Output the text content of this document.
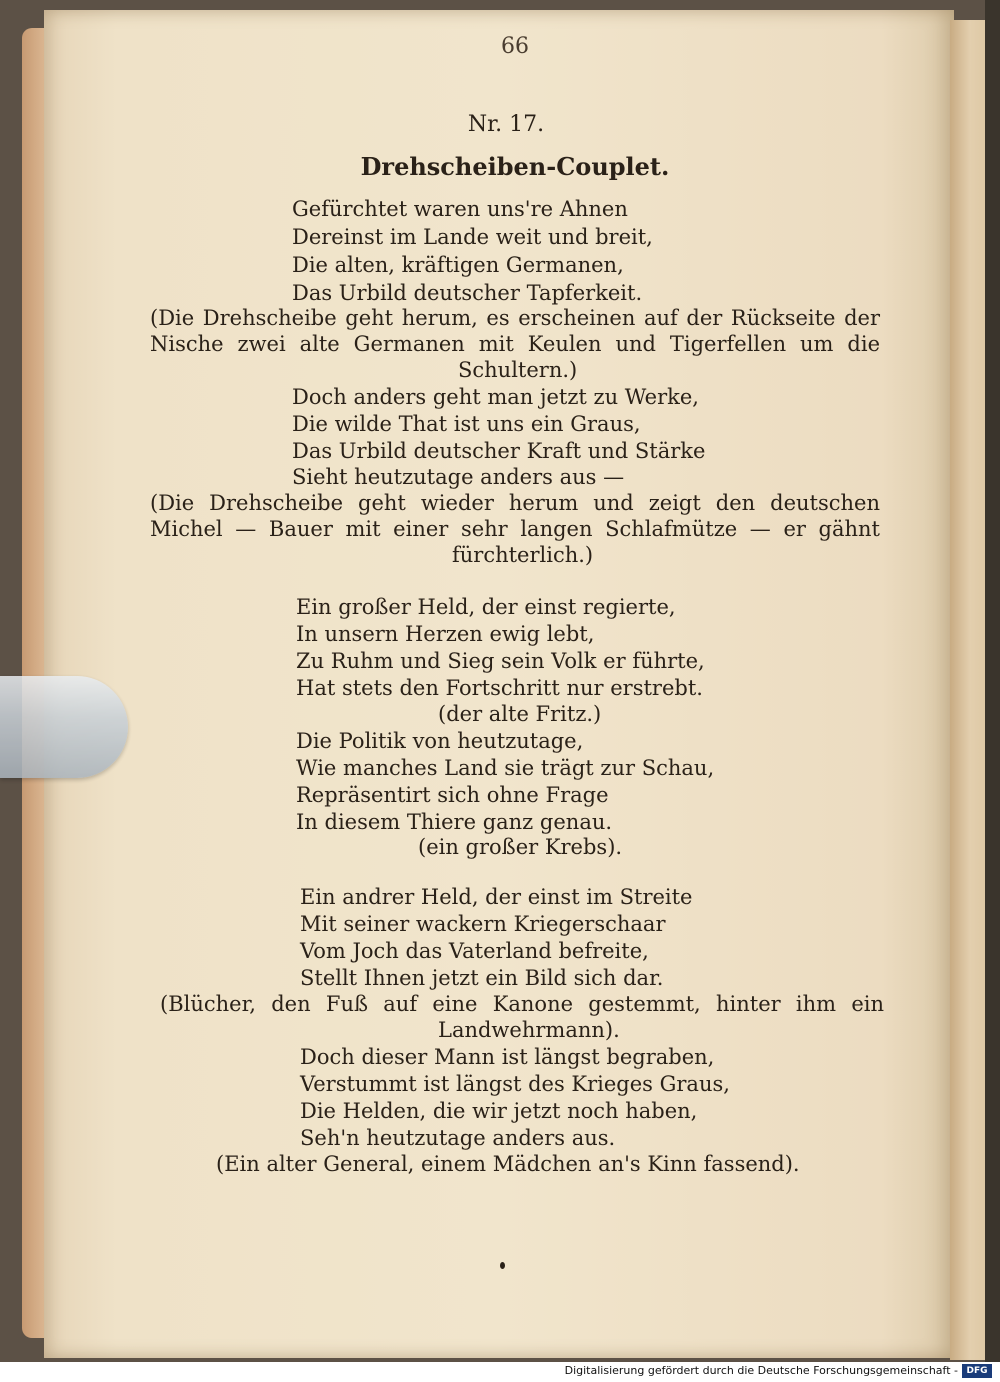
66
Nr. 17.
Drehscheiben-Couplet.
Gefürchtet waren uns're Ahnen
Dereinst im Lande weit und breit,
Die alten, kräftigen Germanen,
Das Urbild deutscher Tapferkeit.
(Die Drehscheibe geht herum, es erscheinen auf der Rückseite der
Nische zwei alte Germanen mit Keulen und Tigerfellen um die
Schultern.)
Doch anders geht man jetzt zu Werke,
Die wilde That ist uns ein Graus,
Das Urbild deutscher Kraft und Stärke
Sieht heutzutage anders aus —
(Die Drehscheibe geht wieder herum und zeigt den deutschen
Michel — Bauer mit einer sehr langen Schlafmütze — er gähnt
fürchterlich.)
Ein großer Held, der einst regierte,
In unsern Herzen ewig lebt,
Zu Ruhm und Sieg sein Volk er führte,
Hat stets den Fortschritt nur erstrebt.
(der alte Fritz.)
Die Politik von heutzutage,
Wie manches Land sie trägt zur Schau,
Repräsentirt sich ohne Frage
In diesem Thiere ganz genau.
(ein großer Krebs).
Ein andrer Held, der einst im Streite
Mit seiner wackern Kriegerschaar
Vom Joch das Vaterland befreite,
Stellt Ihnen jetzt ein Bild sich dar.
(Blücher, den Fuß auf eine Kanone gestemmt, hinter ihm ein
Landwehrmann).
Doch dieser Mann ist längst begraben,
Verstummt ist längst des Krieges Graus,
Die Helden, die wir jetzt noch haben,
Seh'n heutzutage anders aus.
(Ein alter General, einem Mädchen an's Kinn fassend).
Digitalisierung gefördert durch die Deutsche Forschungsgemeinschaft - DFG
